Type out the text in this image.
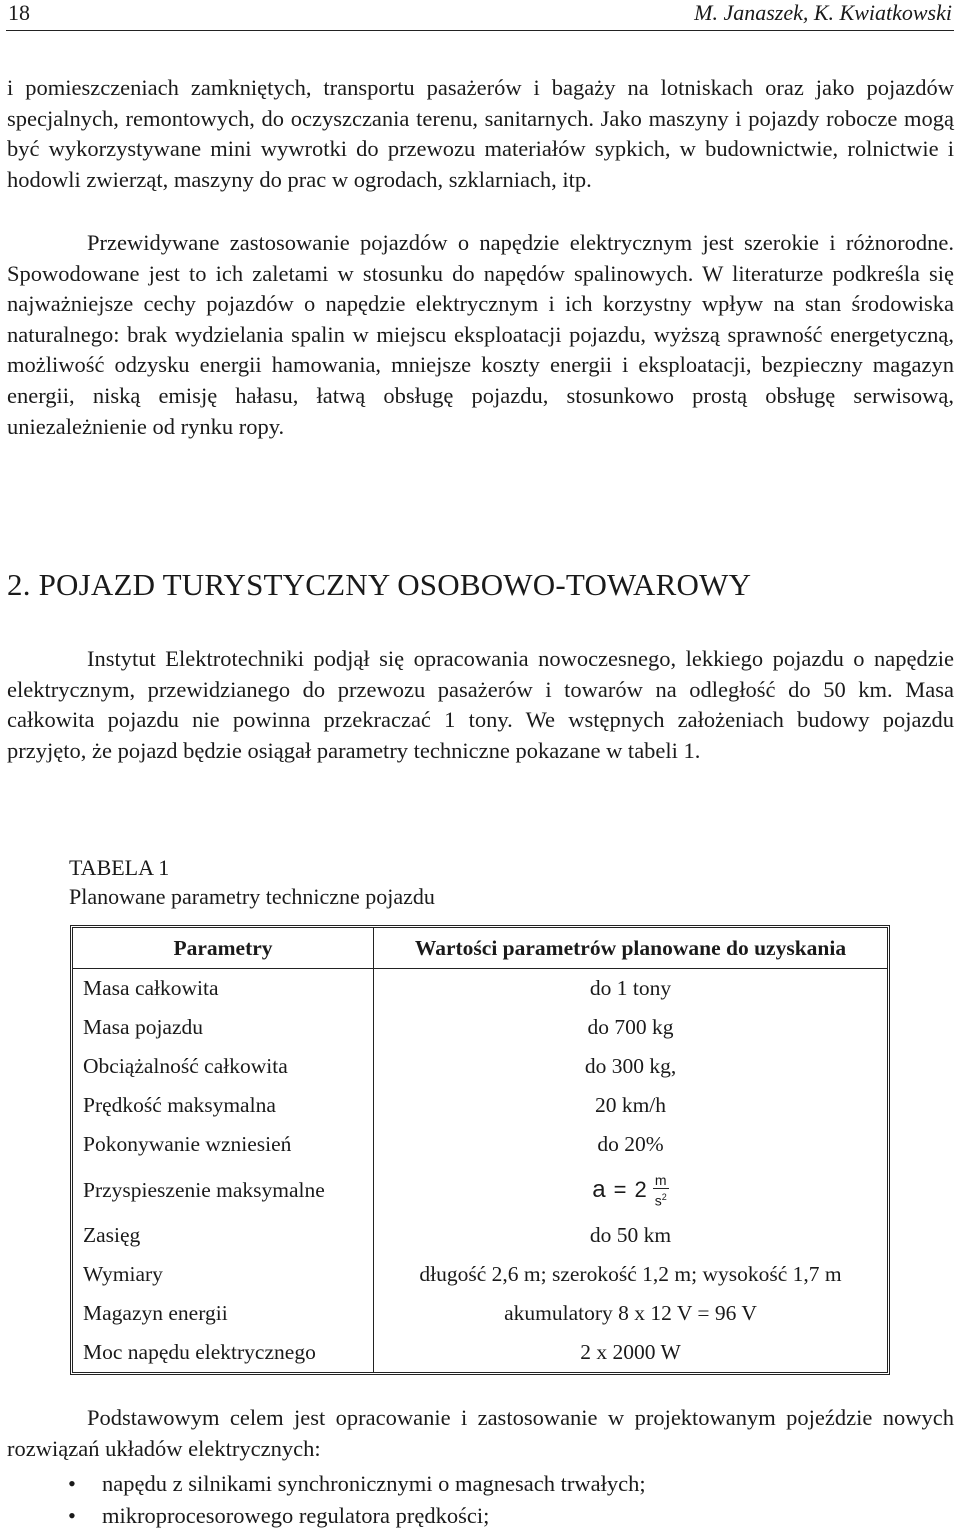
18	M. Janaszek, K. Kwiatkowski

i pomieszczeniach zamkniętych, transportu pasażerów i bagaży na lotniskach oraz jako pojazdów specjalnych, remontowych, do oczyszczania terenu, sanitarnych. Jako maszyny i pojazdy robocze mogą być wykorzystywane mini wywrotki do przewozu materiałów sypkich, w budownictwie, rolnictwie i hodowli zwierząt, maszyny do prac w ogrodach, szklarniach, itp.

Przewidywane zastosowanie pojazdów o napędzie elektrycznym jest szerokie i różnorodne. Spowodowane jest to ich zaletami w stosunku do napędów spalinowych. W literaturze podkreśla się najważniejsze cechy pojazdów o napędzie elektrycznym i ich korzystny wpływ na stan środowiska naturalnego: brak wydzielania spalin w miejscu eksploatacji pojazdu, wyższą sprawność energetyczną, możliwość odzysku energii hamowania, mniejsze koszty energii i eksploatacji, bezpieczny magazyn energii, niską emisję hałasu, łatwą obsługę pojazdu, stosunkowo prostą obsługę serwisową, uniezależnienie od rynku ropy.

2. POJAZD TURYSTYCZNY OSOBOWO-TOWAROWY

Instytut Elektrotechniki podjął się opracowania nowoczesnego, lekkiego pojazdu o napędzie elektrycznym, przewidzianego do przewozu pasażerów i towarów na odległość do 50 km. Masa całkowita pojazdu nie powinna przekraczać 1 tony. We wstępnych założeniach budowy pojazdu przyjęto, że pojazd będzie osiągał parametry techniczne pokazane w tabeli 1.

TABELA 1
Planowane parametry techniczne pojazdu
Parametry	Wartości parametrów planowane do uzyskania
Masa całkowita	do 1 tony
Masa pojazdu	do 700 kg
Obciążalność całkowita	do 300 kg,
Prędkość maksymalna	20 km/h
Pokonywanie wzniesień	do 20%
Przyspieszenie maksymalne	$a = 2 \frac{m}{s^2}$

Zasięg	do 50 km
Wymiary	długość 2,6 m; szerokość 1,2 m; wysokość 1,7 m
Magazyn energii	akumulatory 8 x 12 V = 96 V
Moc napędu elektrycznego	2 x 2000 W

Podstawowym celem jest opracowanie i zastosowanie w projektowanym pojeździe nowych rozwiązań układów elektrycznych:

• napędu z silnikami synchronicznymi o magnesach trwałych;
• mikroprocesorowego regulatora prędkości;
